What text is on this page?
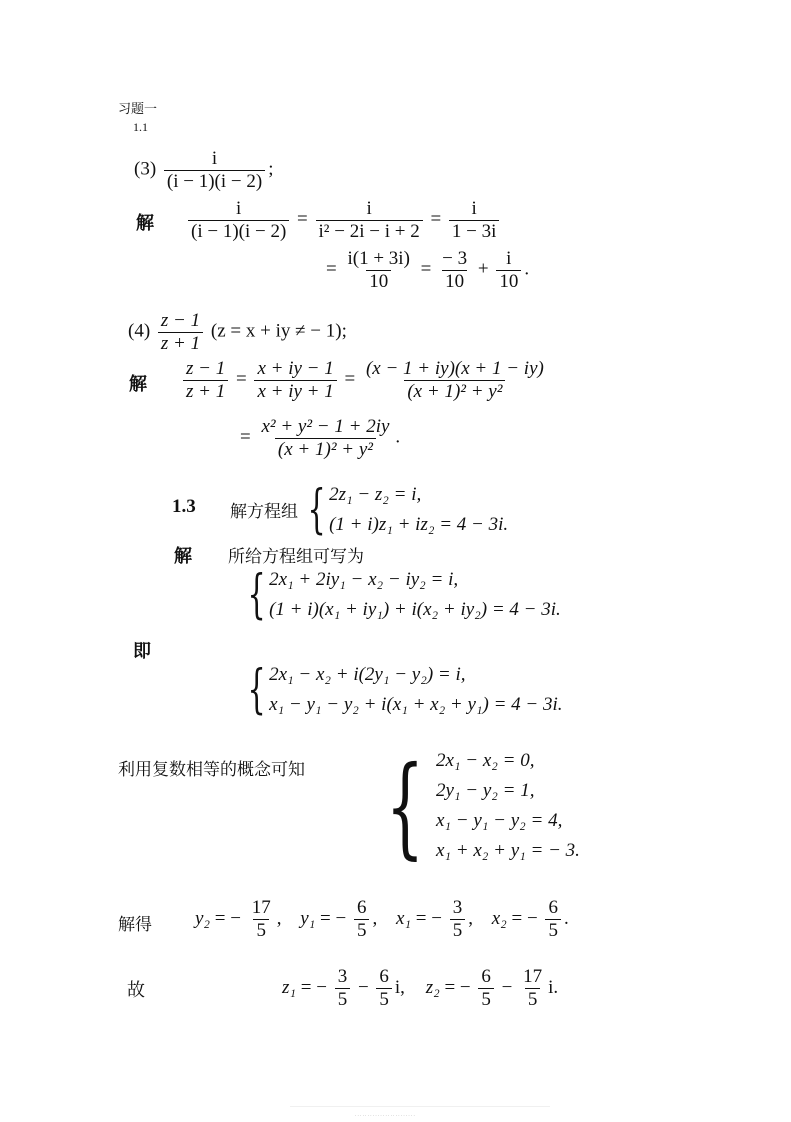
习题一
1.1
$(3) \frac{i}{(i - 1)(i - 2)}$ ;
解 $\frac{i}{(i - 1)(i - 2)} = \frac{i}{\text{i² − 2i − i + 2}} = \frac{i}{1 - 3i}$
= $\frac{i(1 + 3i)}{10} = \frac{- 3}{10} + \frac{i}{10}$ .
$(4) \frac{z - 1}{z + 1} (z = x$ + iy ≠ − 1);
解 $\frac{z - 1}{z + 1} = \frac{x + iy - 1}{x + iy + 1} = \frac{(x - 1 + iy)(x + 1 - iy)}{\text{(x + 1)² + y²}}$
= $\frac{\text{x² + y² − 1 + 2iy}}{\text{(x + 1)² + y²}}$ .
1.3 解方程组 { 2z₁ − z₂ = i,
(1 + i)z₁ + iz₂ = 4 − 3i.
解 所给方程组可写为
{ 2x₁ + 2iy₁ − x₂ − iy₂ = i,
(1 + i)(x₁ + iy₁) + i(x₂ + iy₂) = 4 − 3i.
即
{ 2x₁ − x₂ + i(2y₁ − y₂) = i,
x₁ − y₁ − y₂ + i(x₁ + x₂ + y₁) = 4 − 3i.
利用复数相等的概念可知 { 2x₁ − x₂ = 0,
2y₁ − y₂ = 1,
x₁ − y₁ − y₂ = 4,
x₁ + x₂ + y₁ = − 3.
解得 y₂ = − $\frac{17}{5}$ , y₁ = − $\frac{6}{5}$ , x₁ = − $\frac{3}{5}$ , x₂ = − $\frac{6}{5}$ .
故	z₁ = − $\frac{3}{5} - \frac{6}{5} i$, z₂ = − $\frac{6}{5} - \frac{17}{5} i$.
· · · · · · · · · · · · · · · · · · · · · · · ·
